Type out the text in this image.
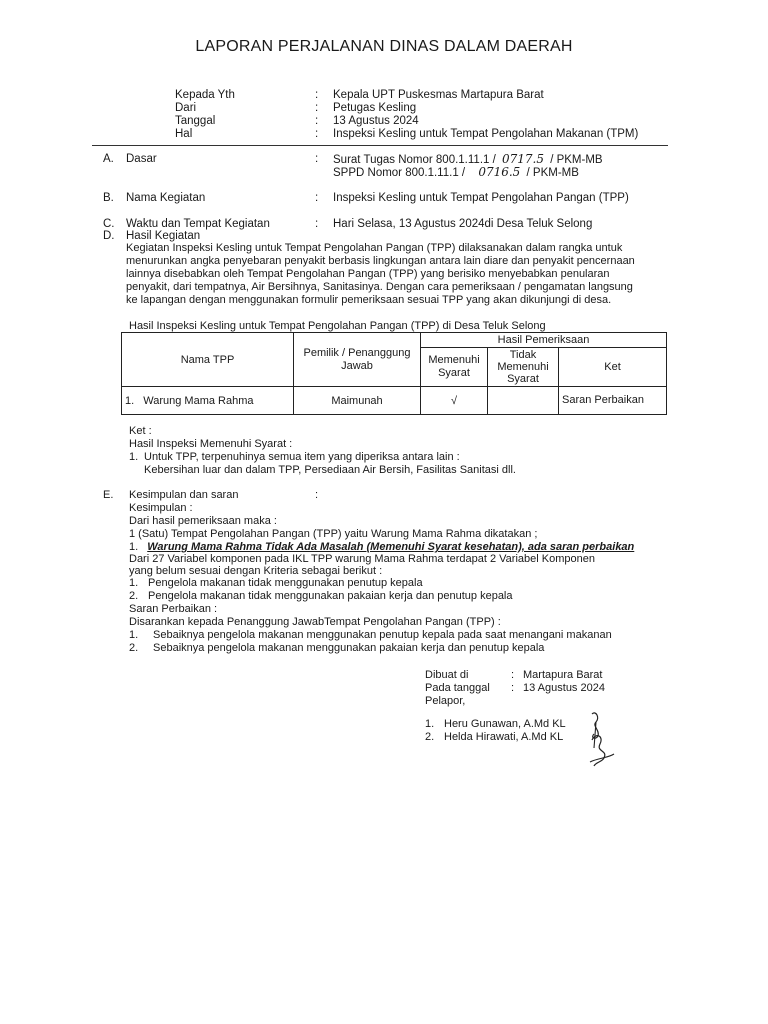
LAPORAN PERJALANAN DINAS DALAM DAERAH
Kepada Yth	: Kepala UPT Puskesmas Martapura Barat
Dari	: Petugas Kesling
Tanggal	: 13 Agustus 2024
Hal	: Inspeksi Kesling untuk Tempat Pengolahan Makanan (TPM)
A. Dasar	: Surat Tugas Nomor 800.1.11.1 / 0717.5 / PKM-MB
SPPD Nomor 800.1.11.1 / 0716.5 / PKM-MB
B. Nama Kegiatan	: Inspeksi Kesling untuk Tempat Pengolahan Pangan (TPP)
C. Waktu dan Tempat Kegiatan	: Hari Selasa, 13 Agustus 2024di Desa Teluk Selong
D. Hasil Kegiatan
Kegiatan Inspeksi Kesling untuk Tempat Pengolahan Pangan (TPP) dilaksanakan dalam rangka untuk
menurunkan angka penyebaran penyakit berbasis lingkungan antara lain diare dan penyakit pencernaan
lainnya disebabkan oleh Tempat Pengolahan Pangan (TPP) yang berisiko menyebabkan penularan
penyakit, dari tempatnya, Air Bersihnya, Sanitasinya. Dengan cara pemeriksaan / pengamatan langsung
ke lapangan dengan menggunakan formulir pemeriksaan sesuai TPP yang akan dikunjungi di desa.
Hasil Inspeksi Kesling untuk Tempat Pengolahan Pangan (TPP) di Desa Teluk Selong
Nama TPP	Pemilik / Penanggung Jawab	Hasil Pemeriksaan		
		Memenuhi Syarat	Tidak Memenuhi Syarat	Ket
1. Warung Mama Rahma	Maimunah	√		Saran Perbaikan
Ket :
Hasil Inspeksi Memenuhi Syarat :
1. Untuk TPP, terpenuhinya semua item yang diperiksa antara lain :
Kebersihan luar dan dalam TPP, Persediaan Air Bersih, Fasilitas Sanitasi dll.
E. Kesimpulan dan saran	:
Kesimpulan :
Dari hasil pemeriksaan maka :
1 (Satu) Tempat Pengolahan Pangan (TPP) yaitu Warung Mama Rahma dikatakan ;
1. Warung Mama Rahma Tidak Ada Masalah (Memenuhi Syarat kesehatan), ada saran perbaikan
Dari 27 Variabel komponen pada IKL TPP warung Mama Rahma terdapat 2 Variabel Komponen
yang belum sesuai dengan Kriteria sebagai berikut :
1. Pengelola makanan tidak menggunakan penutup kepala
2. Pengelola makanan tidak menggunakan pakaian kerja dan penutup kepala
Saran Perbaikan :
Disarankan kepada Penanggung JawabTempat Pengolahan Pangan (TPP) :
1. Sebaiknya pengelola makanan menggunakan penutup kepala pada saat menangani makanan
2. Sebaiknya pengelola makanan menggunakan pakaian kerja dan penutup kepala
Dibuat di	: Martapura Barat
Pada tanggal : 13 Agustus 2024
Pelapor,
1. Heru Gunawan, A.Md KL
2. Helda Hirawati, A.Md KL
